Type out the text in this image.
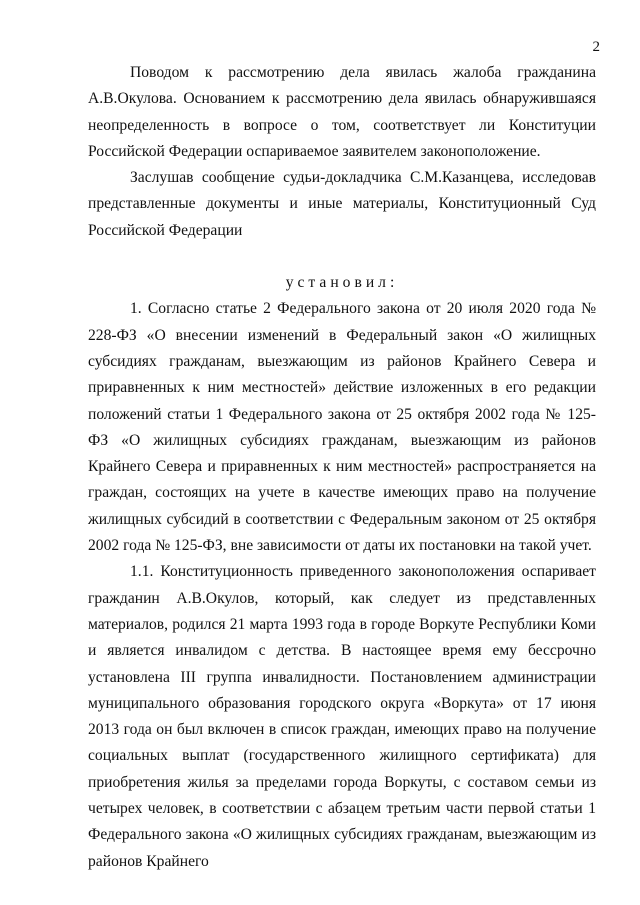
2

Поводом к рассмотрению дела явилась жалоба гражданина А.В.Окулова. Основанием к рассмотрению дела явилась обнаружившаяся неопределенность в вопросе о том, соответствует ли Конституции Российской Федерации оспариваемое заявителем законоположение.

Заслушав сообщение судьи-докладчика С.М.Казанцева, исследовав представленные документы и иные материалы, Конституционный Суд Российской Федерации

установил:

1. Согласно статье 2 Федерального закона от 20 июля 2020 года № 228-ФЗ «О внесении изменений в Федеральный закон «О жилищных субсидиях гражданам, выезжающим из районов Крайнего Севера и приравненных к ним местностей» действие изложенных в его редакции положений статьи 1 Федерального закона от 25 октября 2002 года № 125-ФЗ «О жилищных субсидиях гражданам, выезжающим из районов Крайнего Севера и приравненных к ним местностей» распространяется на граждан, состоящих на учете в качестве имеющих право на получение жилищных субсидий в соответствии с Федеральным законом от 25 октября 2002 года № 125-ФЗ, вне зависимости от даты их постановки на такой учет.

1.1. Конституционность приведенного законоположения оспаривает гражданин А.В.Окулов, который, как следует из представленных материалов, родился 21 марта 1993 года в городе Воркуте Республики Коми и является инвалидом с детства. В настоящее время ему бессрочно установлена III группа инвалидности. Постановлением администрации муниципального образования городского округа «Воркута» от 17 июня 2013 года он был включен в список граждан, имеющих право на получение социальных выплат (государственного жилищного сертификата) для приобретения жилья за пределами города Воркуты, с составом семьи из четырех человек, в соответствии с абзацем третьим части первой статьи 1 Федерального закона «О жилищных субсидиях гражданам, выезжающим из районов Крайнего
